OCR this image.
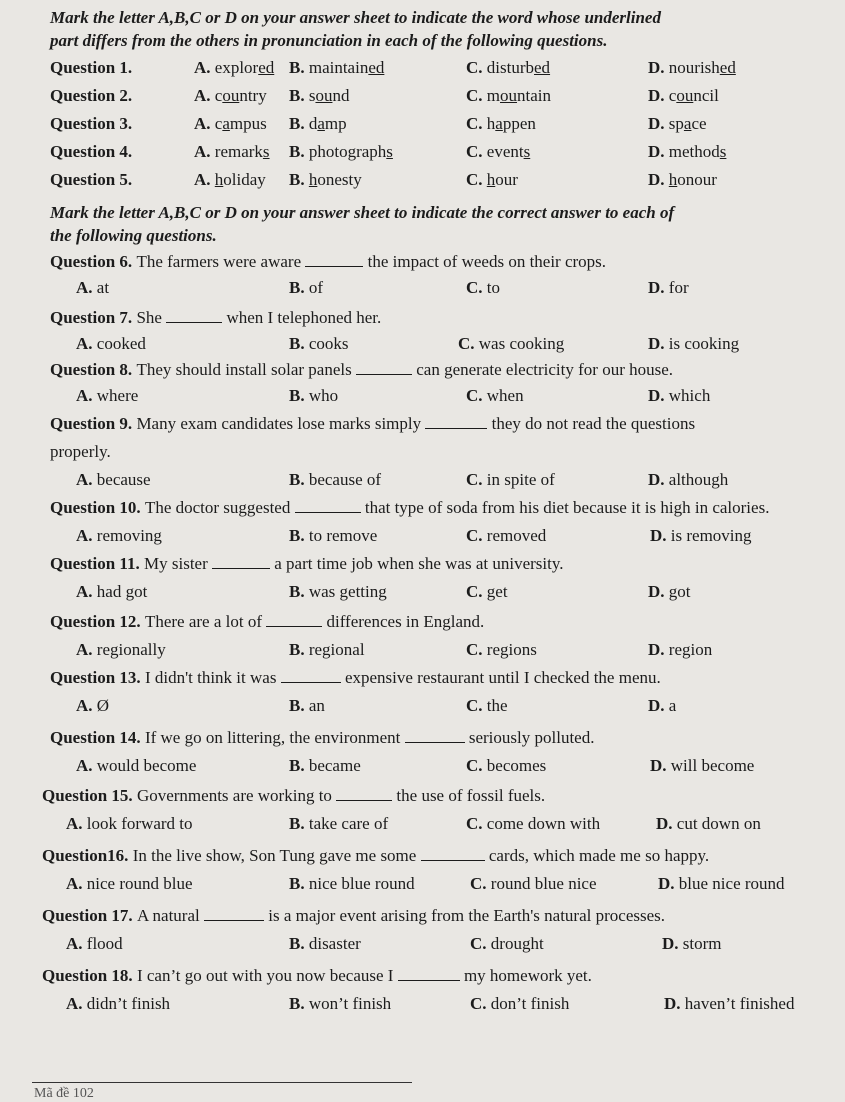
Mark the letter A,B,C or D on your answer sheet to indicate the word whose underlined
part differs from the others in pronunciation in each of the following questions.
Question 1.	A. explored B. maintained	C. disturbed	D. nourished
Question 2.	A. country B. sound	C. mountain	D. council
Question 3.	A. campus B. damp	C. happen	D. space
Question 4.	A. remarks B. photographs	C. events	D. methods
Question 5.	A. holiday B. honesty	C. hour	D. honour
Mark the letter A,B,C or D on your answer sheet to indicate the correct answer to each of
the following questions.
Question 6. The farmers were aware	the impact of weeds on their crops.
A. at	B. of	C. to	D. for
Question 7. She	when I telephoned her.
A. cooked	B. cooks	C. was cooking	D. is cooking
Question 8. They should install solar panels	can generate electricity for our house.
A. where	B. who	C. when	D. which
Question 9. Many exam candidates lose marks simply	they do not read the questions
properly.
A. because	B. because of	C. in spite of	D. although
Question 10. The doctor suggested	that type of soda from his diet because it is high in calories.
A. removing	B. to remove	C. removed	D. is removing
Question 11. My sister	a part time job when she was at university.
A. had got	B. was getting	C. get	D. got
Question 12. There are a lot of	differences in England.
A. regionally	B. regional	C. regions	D. region
Question 13. I didn't think it was	expensive restaurant until I checked the menu.
A. Ø	B. an	C. the	D. a
Question 14. If we go on littering, the environment	seriously polluted.
A. would become	B. became	C. becomes	D. will become
Question 15. Governments are working to	the use of fossil fuels.
A. look forward to	B. take care of	C. come down with	D. cut down on
Question16. In the live show, Son Tung gave me some	cards, which made me so happy.
A. nice round blue	B. nice blue round	C. round blue nice	D. blue nice round
Question 17. A natural	is a major event arising from the Earth's natural processes.
A. flood	B. disaster	C. drought	D. storm
Question 18. I can’t go out with you now because I	my homework yet.
A. didn’t finish	B. won’t finish	C. don’t finish	D. haven’t finished
Mã đề 102
